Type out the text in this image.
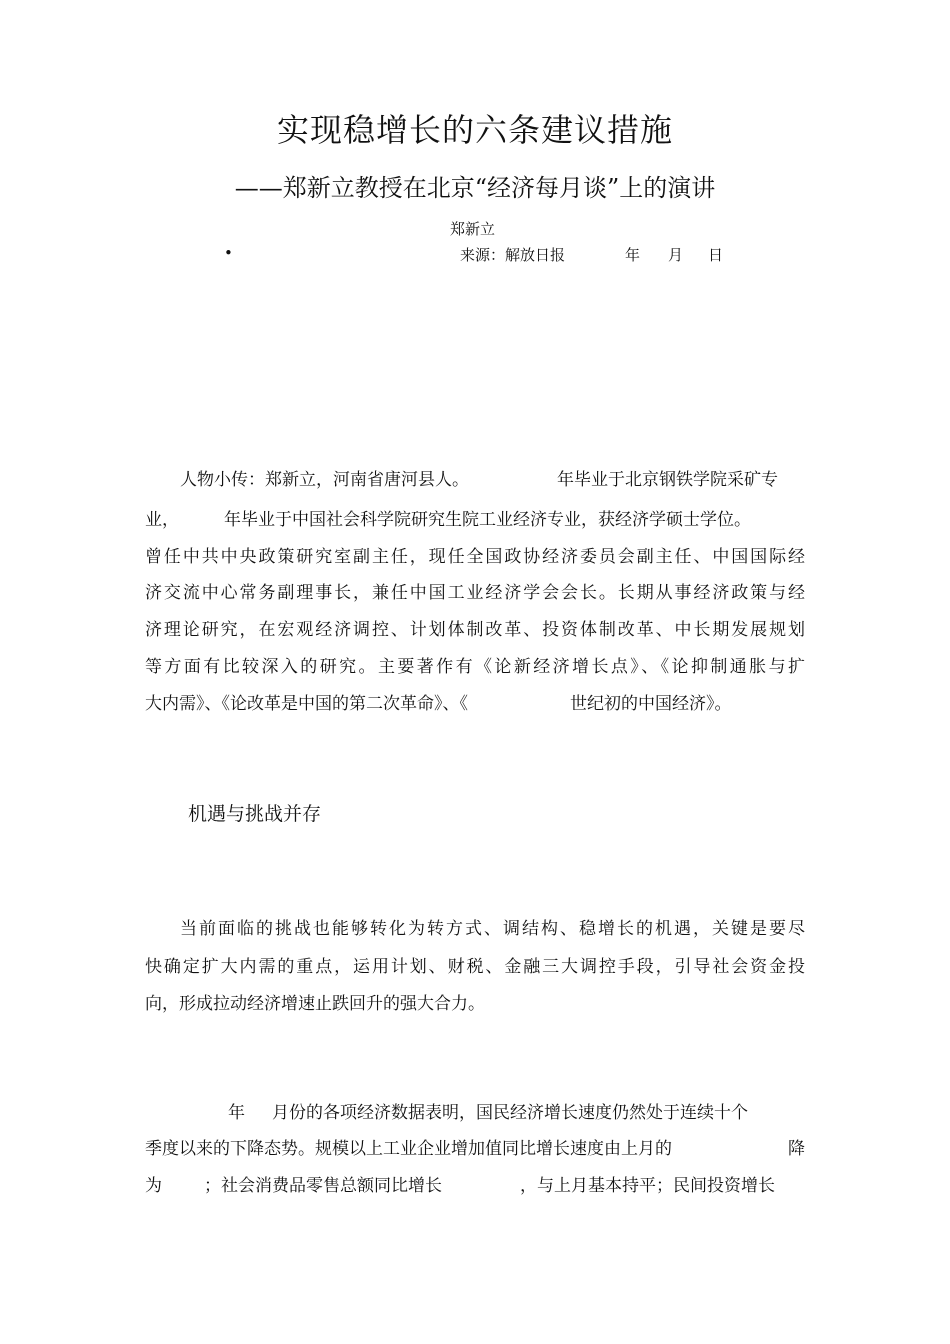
实现稳增长的六条建议措施
——郑新立教授在北京“经济每月谈”上的演讲
郑新立
•	来源：解放日报	年 月 日
人物小传：郑新立，河南省唐河县人。	年毕业于北京钢铁学院采矿专
业，	年毕业于中国社会科学院研究生院工业经济专业，获经济学硕士学位。
曾任中共中央政策研究室副主任，现任全国政协经济委员会副主任、中国国际经
济交流中心常务副理事长，兼任中国工业经济学会会长。长期从事经济政策与经
济理论研究，在宏观经济调控、计划体制改革、投资体制改革、中长期发展规划
等方面有比较深入的研究。主要著作有《论新经济增长点》、《论抑制通胀与扩
大内需》、《论改革是中国的第二次革命》、《	世纪初的中国经济》。
机遇与挑战并存
当前面临的挑战也能够转化为转方式、调结构、稳增长的机遇，关键是要尽
快确定扩大内需的重点，运用计划、财税、金融三大调控手段，引导社会资金投
向，形成拉动经济增速止跌回升的强大合力。
年 月份的各项经济数据表明，国民经济增长速度仍然处于连续十个
季度以来的下降态势。规模以上工业企业增加值同比增长速度由上月的	降
为 ；社会消费品零售总额同比增长	，与上月基本持平；民间投资增长
